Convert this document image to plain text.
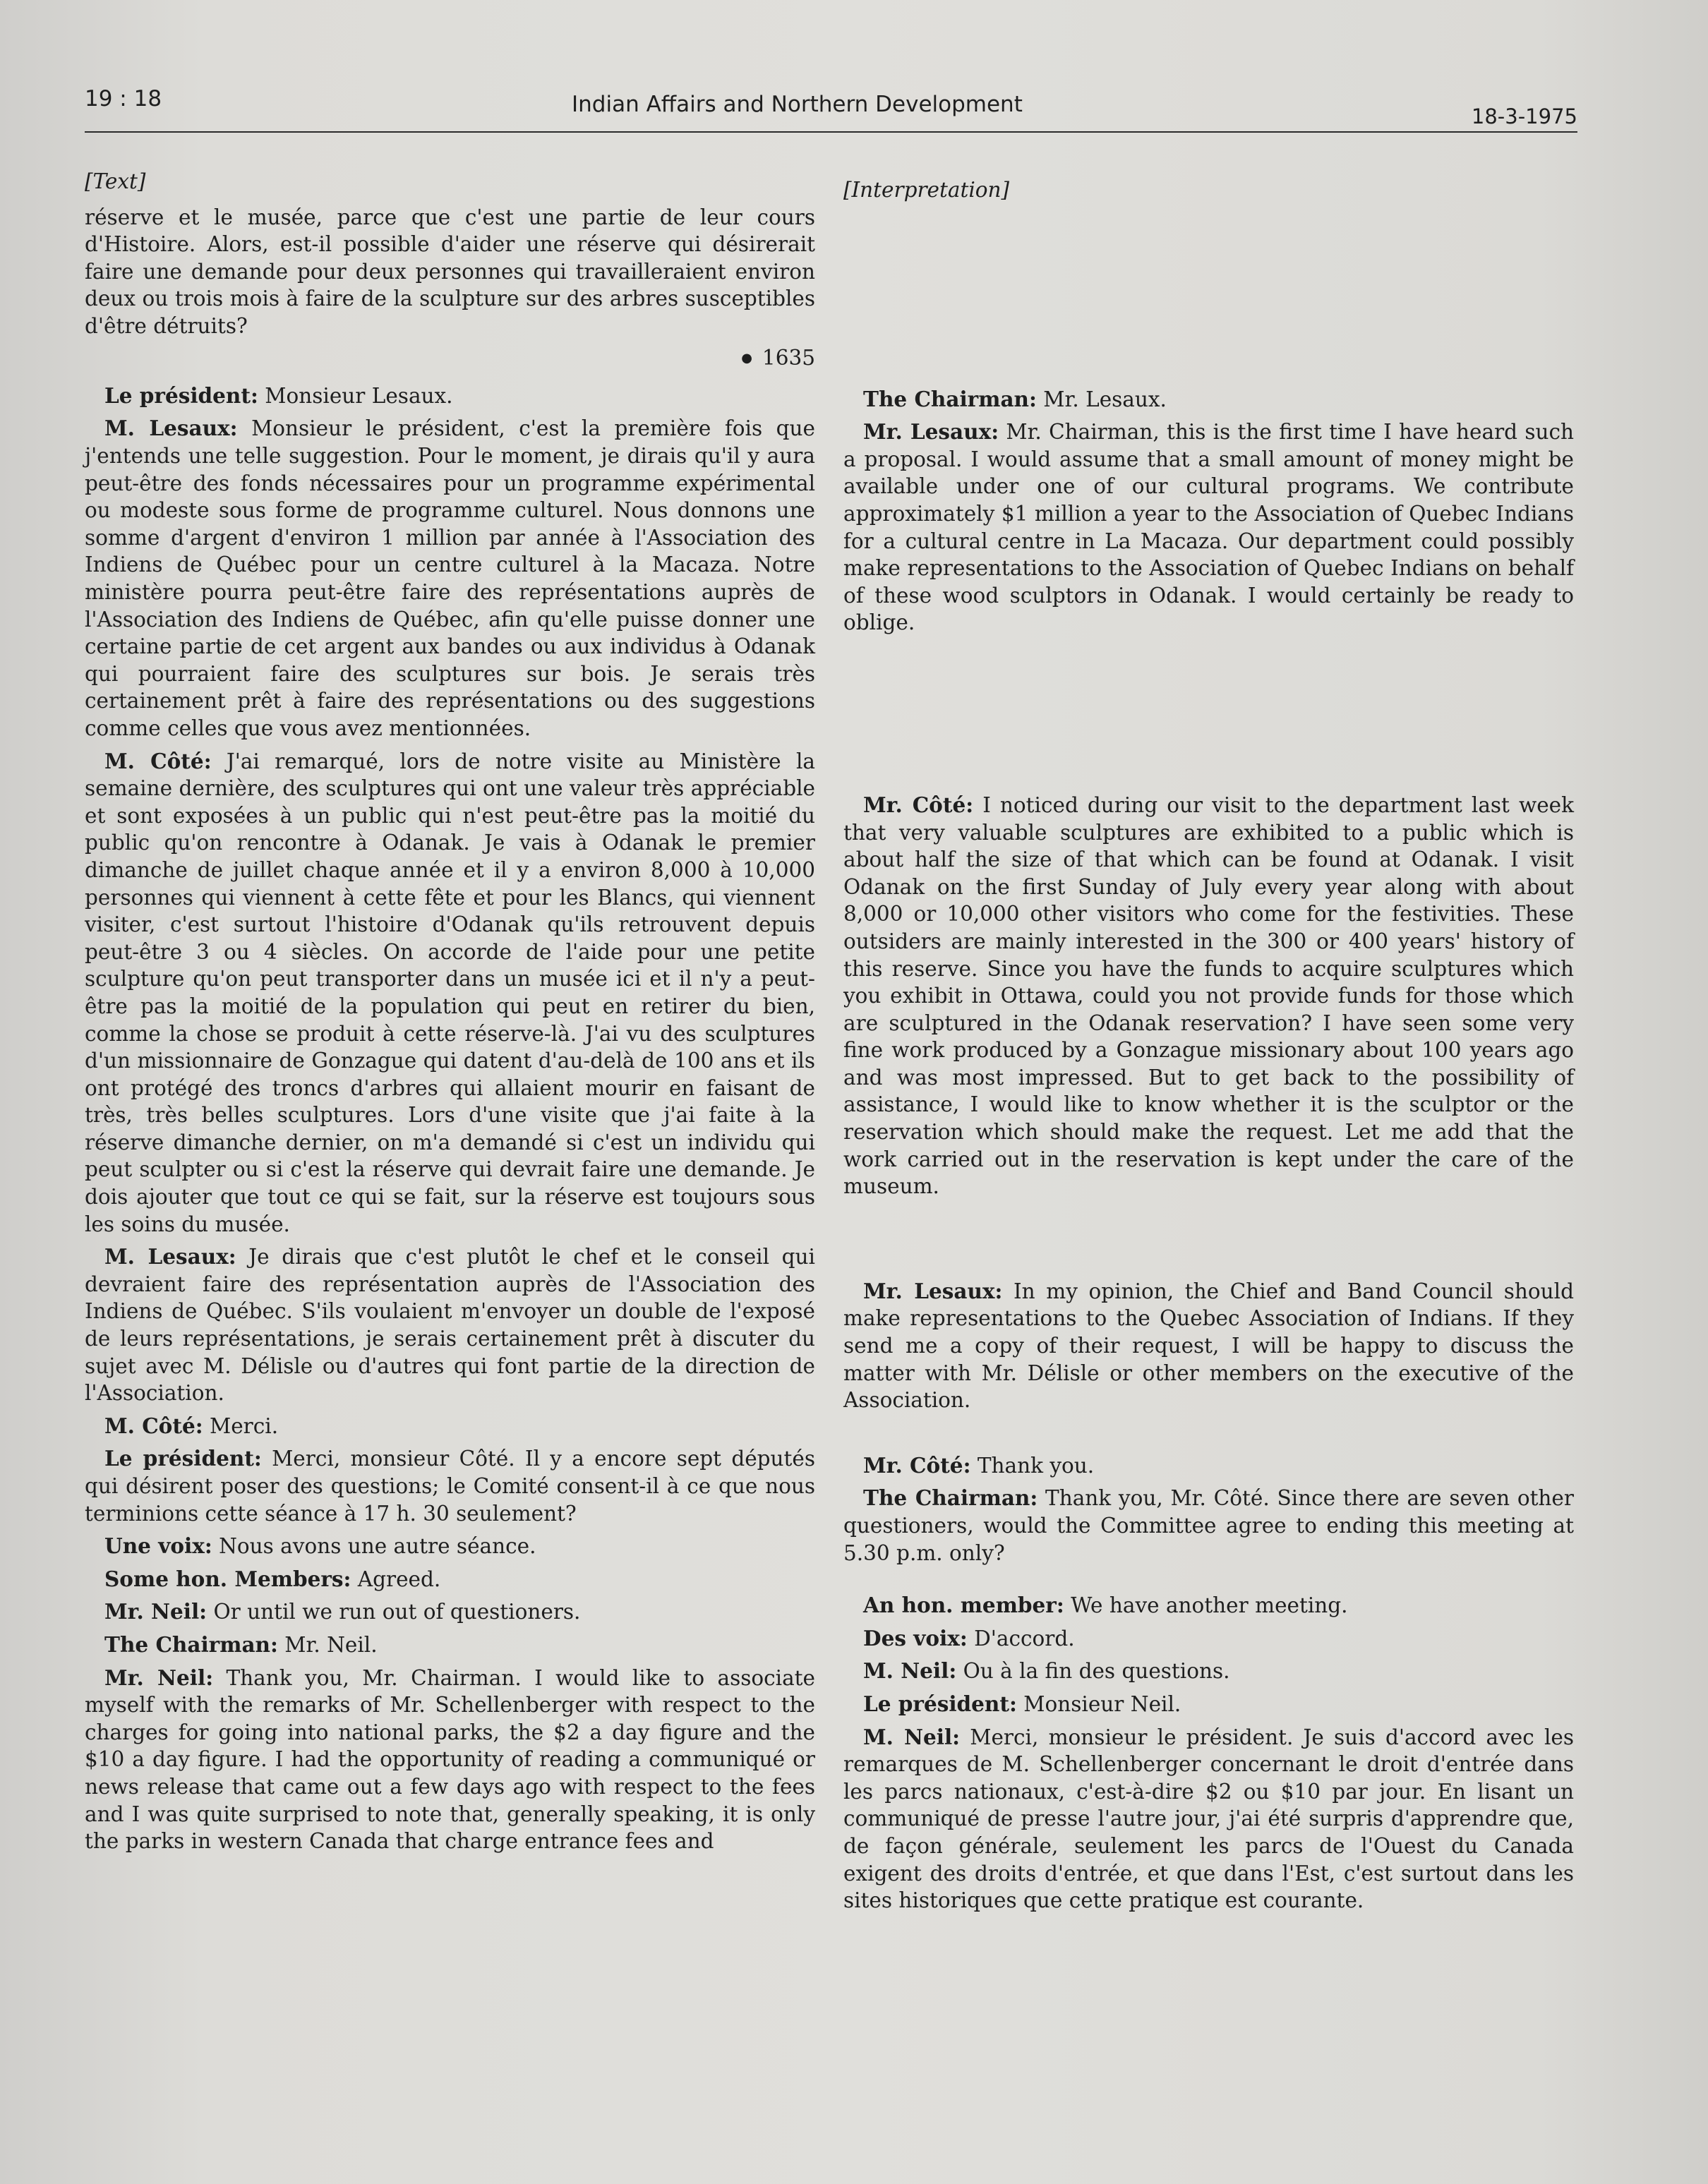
19 : 18	Indian Affairs and Northern Development	18-3-1975

[Text]

réserve et le musée, parce que c'est une partie de leur cours d'Histoire. Alors, est-il possible d'aider une réserve qui désirerait faire une demande pour deux personnes qui travailleraient environ deux ou trois mois à faire de la sculpture sur des arbres susceptibles d'être détruits?

● 1635

Le président: Monsieur Lesaux.

M. Lesaux: Monsieur le président, c'est la première fois que j'entends une telle suggestion. Pour le moment, je dirais qu'il y aura peut-être des fonds nécessaires pour un programme expérimental ou modeste sous forme de programme culturel. Nous donnons une somme d'argent d'environ 1 million par année à l'Association des Indiens de Québec pour un centre culturel à la Macaza. Notre ministère pourra peut-être faire des représentations auprès de l'Association des Indiens de Québec, afin qu'elle puisse donner une certaine partie de cet argent aux bandes ou aux individus à Odanak qui pourraient faire des sculptures sur bois. Je serais très certainement prêt à faire des représentations ou des suggestions comme celles que vous avez mentionnées.

M. Côté: J'ai remarqué, lors de notre visite au Ministère la semaine dernière, des sculptures qui ont une valeur très appréciable et sont exposées à un public qui n'est peut-être pas la moitié du public qu'on rencontre à Odanak. Je vais à Odanak le premier dimanche de juillet chaque année et il y a environ 8,000 à 10,000 personnes qui viennent à cette fête et pour les Blancs, qui viennent visiter, c'est surtout l'histoire d'Odanak qu'ils retrouvent depuis peut-être 3 ou 4 siècles. On accorde de l'aide pour une petite sculpture qu'on peut transporter dans un musée ici et il n'y a peut-être pas la moitié de la population qui peut en retirer du bien, comme la chose se produit à cette réserve-là. J'ai vu des sculptures d'un missionnaire de Gonzague qui datent d'au-delà de 100 ans et ils ont protégé des troncs d'arbres qui allaient mourir en faisant de très, très belles sculptures. Lors d'une visite que j'ai faite à la réserve dimanche dernier, on m'a demandé si c'est un individu qui peut sculpter ou si c'est la réserve qui devrait faire une demande. Je dois ajouter que tout ce qui se fait, sur la réserve est toujours sous les soins du musée.

M. Lesaux: Je dirais que c'est plutôt le chef et le conseil qui devraient faire des représentation auprès de l'Association des Indiens de Québec. S'ils voulaient m'envoyer un double de l'exposé de leurs représentations, je serais certainement prêt à discuter du sujet avec M. Délisle ou d'autres qui font partie de la direction de l'Association.

M. Côté: Merci.

Le président: Merci, monsieur Côté. Il y a encore sept députés qui désirent poser des questions; le Comité consent-il à ce que nous terminions cette séance à 17 h. 30 seulement?

Une voix: Nous avons une autre séance.

Some hon. Members: Agreed.

Mr. Neil: Or until we run out of questioners.

The Chairman: Mr. Neil.

Mr. Neil: Thank you, Mr. Chairman. I would like to associate myself with the remarks of Mr. Schellenberger with respect to the charges for going into national parks, the $2 a day figure and the $10 a day figure. I had the opportunity of reading a communiqué or news release that came out a few days ago with respect to the fees and I was quite surprised to note that, generally speaking, it is only the parks in western Canada that charge entrance fees and

[Interpretation]

The Chairman: Mr. Lesaux.

Mr. Lesaux: Mr. Chairman, this is the first time I have heard such a proposal. I would assume that a small amount of money might be available under one of our cultural programs. We contribute approximately $1 million a year to the Association of Quebec Indians for a cultural centre in La Macaza. Our department could possibly make representations to the Association of Quebec Indians on behalf of these wood sculptors in Odanak. I would certainly be ready to oblige.

Mr. Côté: I noticed during our visit to the department last week that very valuable sculptures are exhibited to a public which is about half the size of that which can be found at Odanak. I visit Odanak on the first Sunday of July every year along with about 8,000 or 10,000 other visitors who come for the festivities. These outsiders are mainly interested in the 300 or 400 years' history of this reserve. Since you have the funds to acquire sculptures which you exhibit in Ottawa, could you not provide funds for those which are sculptured in the Odanak reservation? I have seen some very fine work produced by a Gonzague missionary about 100 years ago and was most impressed. But to get back to the possibility of assistance, I would like to know whether it is the sculptor or the reservation which should make the request. Let me add that the work carried out in the reservation is kept under the care of the museum.

Mr. Lesaux: In my opinion, the Chief and Band Council should make representations to the Quebec Association of Indians. If they send me a copy of their request, I will be happy to discuss the matter with Mr. Délisle or other members on the executive of the Association.

Mr. Côté: Thank you.

The Chairman: Thank you, Mr. Côté. Since there are seven other questioners, would the Committee agree to ending this meeting at 5.30 p.m. only?

An hon. member: We have another meeting.

Des voix: D'accord.

M. Neil: Ou à la fin des questions.

Le président: Monsieur Neil.

M. Neil: Merci, monsieur le président. Je suis d'accord avec les remarques de M. Schellenberger concernant le droit d'entrée dans les parcs nationaux, c'est-à-dire $2 ou $10 par jour. En lisant un communiqué de presse l'autre jour, j'ai été surpris d'apprendre que, de façon générale, seulement les parcs de l'Ouest du Canada exigent des droits d'entrée, et que dans l'Est, c'est surtout dans les sites historiques que cette pratique est courante.
